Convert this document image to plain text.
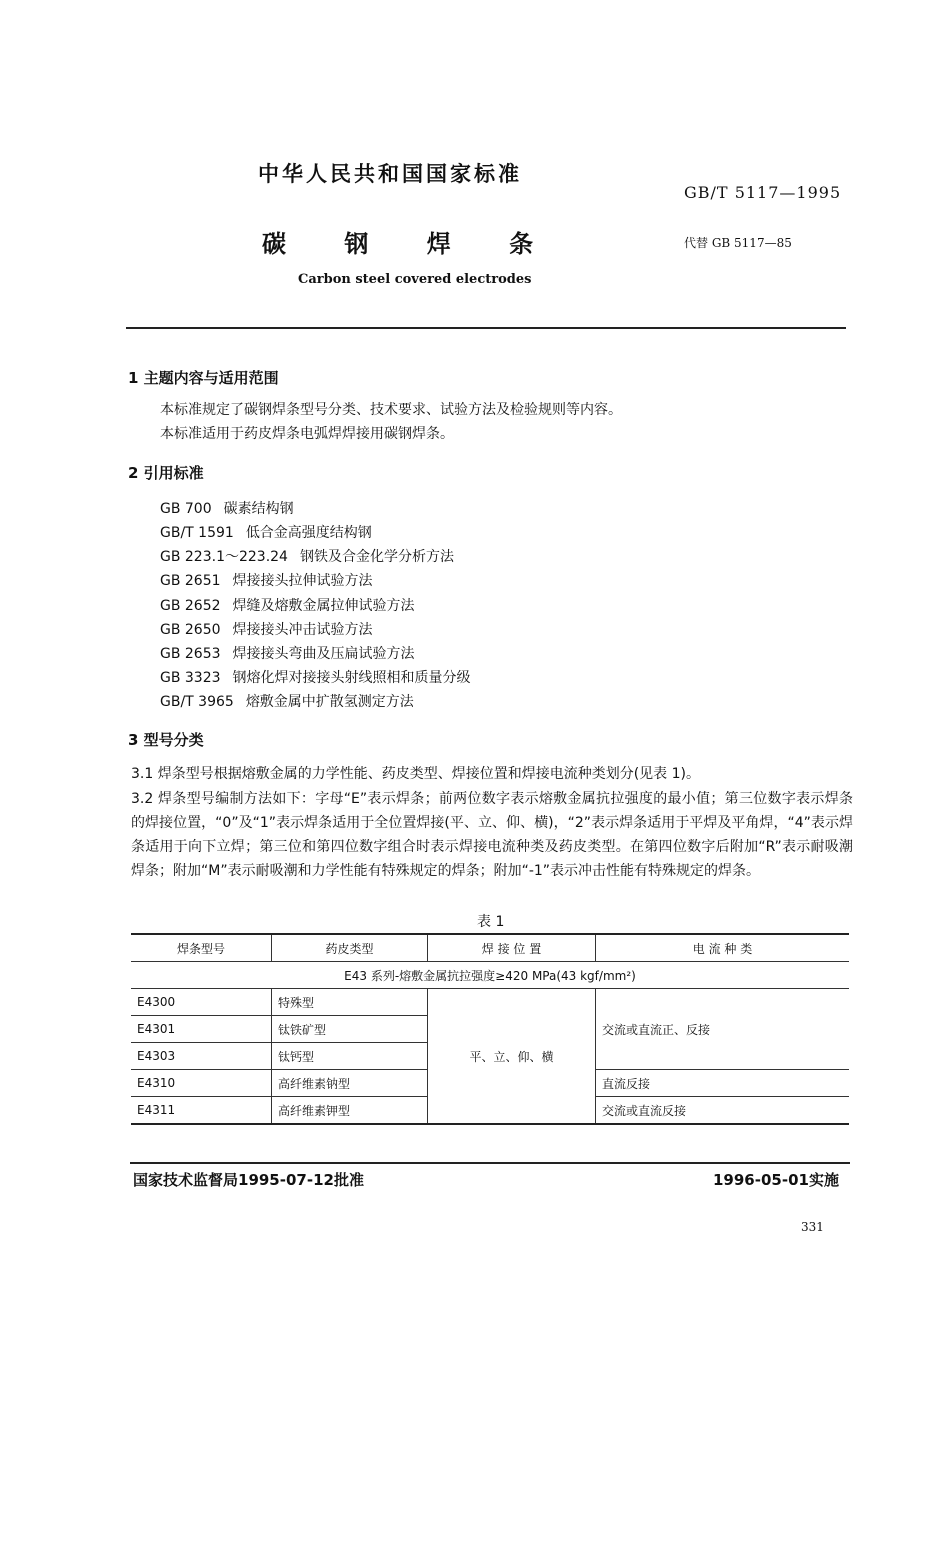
中华人民共和国国家标准
GB/T 5117—1995
碳 钢 焊 条	代替 GB 5117—85
Carbon steel covered electrodes
1 主题内容与适用范围
本标准规定了碳钢焊条型号分类、技术要求、试验方法及检验规则等内容。
本标准适用于药皮焊条电弧焊焊接用碳钢焊条。
2 引用标准
GB 700 碳素结构钢
GB/T 1591 低合金高强度结构钢
GB 223.1～223.24 钢铁及合金化学分析方法
GB 2651 焊接接头拉伸试验方法
GB 2652 焊缝及熔敷金属拉伸试验方法
GB 2650 焊接接头冲击试验方法
GB 2653 焊接接头弯曲及压扁试验方法
GB 3323 钢熔化焊对接接头射线照相和质量分级
GB/T 3965 熔敷金属中扩散氢测定方法
3 型号分类
3.1 焊条型号根据熔敷金属的力学性能、药皮类型、焊接位置和焊接电流种类划分(见表 1)。
3.2 焊条型号编制方法如下：字母“E”表示焊条；前两位数字表示熔敷金属抗拉强度的最小值；第三位数字表示焊条的焊接位置，“0”及“1”表示焊条适用于全位置焊接(平、立、仰、横)，“2”表示焊条适用于平焊及平角焊，“4”表示焊条适用于向下立焊；第三位和第四位数字组合时表示焊接电流种类及药皮类型。在第四位数字后附加“R”表示耐吸潮焊条；附加“M”表示耐吸潮和力学性能有特殊规定的焊条；附加“-1”表示冲击性能有特殊规定的焊条。
表 1
焊条型号	药皮类型	焊 接 位 置	电 流 种 类
E43 系列-熔敷金属抗拉强度≥420 MPa(43 kgf/mm²)			
E4300	特殊型	平、立、仰、横	交流或直流正、反接
E4301	钛铁矿型		
E4303	钛钙型		
E4310	高纤维素钠型		直流反接
E4311	高纤维素钾型		交流或直流反接
国家技术监督局1995-07-12批准	1996-05-01实施
331
